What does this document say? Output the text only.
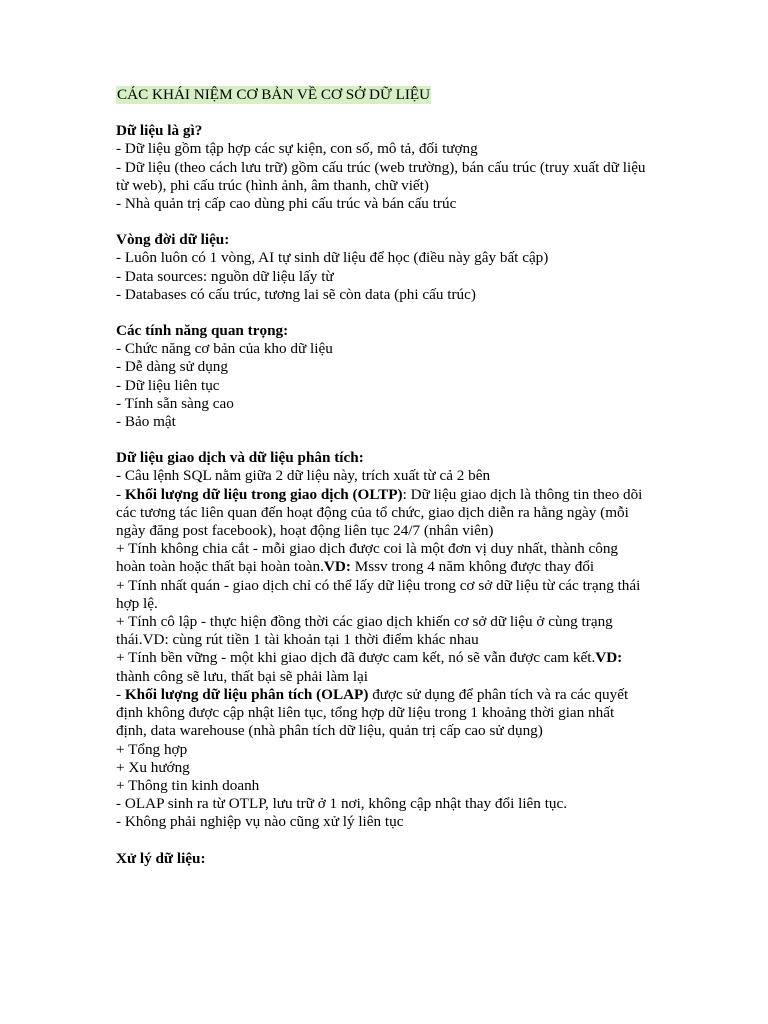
CÁC KHÁI NIỆM CƠ BẢN VỀ CƠ SỞ DỮ LIỆU
Dữ liệu là gì?
- Dữ liệu gồm tập hợp các sự kiện, con số, mô tả, đối tượng
- Dữ liệu (theo cách lưu trữ) gồm cấu trúc (web trường), bán cấu trúc (truy xuất dữ liệu từ web), phi cấu trúc (hình ảnh, âm thanh, chữ viết)
- Nhà quản trị cấp cao dùng phi cấu trúc và bán cấu trúc
Vòng đời dữ liệu:
- Luôn luôn có 1 vòng, AI tự sinh dữ liệu để học (điều này gây bất cập)
- Data sources: nguồn dữ liệu lấy từ
- Databases có cấu trúc, tương lai sẽ còn data (phi cấu trúc)
Các tính năng quan trọng:
- Chức năng cơ bản của kho dữ liệu
- Dễ dàng sử dụng
- Dữ liệu liên tục
- Tính sẵn sàng cao
- Bảo mật
Dữ liệu giao dịch và dữ liệu phân tích:
- Câu lệnh SQL nằm giữa 2 dữ liệu này, trích xuất từ cả 2 bên
- Khối lượng dữ liệu trong giao dịch (OLTP): Dữ liệu giao dịch là thông tin theo dõi các tương tác liên quan đến hoạt động của tổ chức, giao dịch diễn ra hằng ngày (mỗi ngày đăng post facebook), hoạt động liên tục 24/7 (nhân viên)
+ Tính không chia cắt - mỗi giao dịch được coi là một đơn vị duy nhất, thành công hoàn toàn hoặc thất bại hoàn toàn.VD: Mssv trong 4 năm không được thay đổi
+ Tính nhất quán - giao dịch chỉ có thể lấy dữ liệu trong cơ sở dữ liệu từ các trạng thái hợp lệ.
+ Tính cô lập - thực hiện đồng thời các giao dịch khiến cơ sở dữ liệu ở cùng trạng thái.VD: cùng rút tiền 1 tài khoản tại 1 thời điểm khác nhau
+ Tính bền vững - một khi giao dịch đã được cam kết, nó sẽ vẫn được cam kết.VD: thành công sẽ lưu, thất bại sẽ phải làm lại
- Khối lượng dữ liệu phân tích (OLAP) được sử dụng để phân tích và ra các quyết định không được cập nhật liên tục, tổng hợp dữ liệu trong 1 khoảng thời gian nhất định, data warehouse (nhà phân tích dữ liệu, quản trị cấp cao sử dụng)
+ Tổng hợp
+ Xu hướng
+ Thông tin kinh doanh
- OLAP sinh ra từ OTLP, lưu trữ ở 1 nơi, không cập nhật thay đổi liên tục.
- Không phải nghiệp vụ nào cũng xử lý liên tục
Xử lý dữ liệu:
